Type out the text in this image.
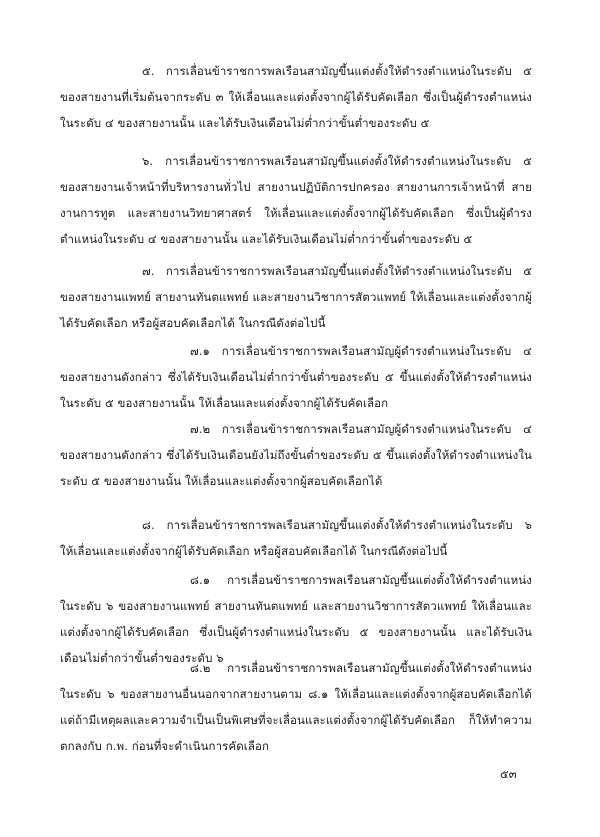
๕. การเลื่อนข้าราชการพลเรือนสามัญขึ้นแต่งตั้งให้ดำรงตำแหน่งในระดับ ๕ ของสายงานที่เริ่มต้นจากระดับ ๓ ให้เลื่อนและแต่งตั้งจากผู้ได้รับคัดเลือก ซึ่งเป็นผู้ดำรงตำแหน่งในระดับ ๔ ของสายงานนั้น และได้รับเงินเดือนไม่ต่ำกว่าขั้นต่ำของระดับ ๕

๖. การเลื่อนข้าราชการพลเรือนสามัญขึ้นแต่งตั้งให้ดำรงตำแหน่งในระดับ ๕ ของสายงานเจ้าหน้าที่บริหารงานทั่วไป สายงานปฏิบัติการปกครอง สายงานการเจ้าหน้าที่ สายงานการทูต และสายงานวิทยาศาสตร์ ให้เลื่อนและแต่งตั้งจากผู้ได้รับคัดเลือก ซึ่งเป็นผู้ดำรงตำแหน่งในระดับ ๔ ของสายงานนั้น และได้รับเงินเดือนไม่ต่ำกว่าขั้นต่ำของระดับ ๕

๗. การเลื่อนข้าราชการพลเรือนสามัญขึ้นแต่งตั้งให้ดำรงตำแหน่งในระดับ ๕ ของสายงานแพทย์ สายงานทันตแพทย์ และสายงานวิชาการสัตวแพทย์ ให้เลื่อนและแต่งตั้งจากผู้ได้รับคัดเลือก หรือผู้สอบคัดเลือกได้ ในกรณีดังต่อไปนี้

๗.๑ การเลื่อนข้าราชการพลเรือนสามัญผู้ดำรงตำแหน่งในระดับ ๔ ของสายงานดังกล่าว ซึ่งได้รับเงินเดือนไม่ต่ำกว่าขั้นต่ำของระดับ ๕ ขึ้นแต่งตั้งให้ดำรงตำแหน่งในระดับ ๕ ของสายงานนั้น ให้เลื่อนและแต่งตั้งจากผู้ได้รับคัดเลือก

๗.๒ การเลื่อนข้าราชการพลเรือนสามัญผู้ดำรงตำแหน่งในระดับ ๔ ของสายงานดังกล่าว ซึ่งได้รับเงินเดือนยังไม่ถึงขั้นต่ำของระดับ ๕ ขึ้นแต่งตั้งให้ดำรงตำแหน่งในระดับ ๕ ของสายงานนั้น ให้เลื่อนและแต่งตั้งจากผู้สอบคัดเลือกได้

๘. การเลื่อนข้าราชการพลเรือนสามัญขึ้นแต่งตั้งให้ดำรงตำแหน่งในระดับ ๖ ให้เลื่อนและแต่งตั้งจากผู้ได้รับคัดเลือก หรือผู้สอบคัดเลือกได้ ในกรณีดังต่อไปนี้

๘.๑ การเลื่อนข้าราชการพลเรือนสามัญขึ้นแต่งตั้งให้ดำรงตำแหน่งในระดับ ๖ ของสายงานแพทย์ สายงานทันตแพทย์ และสายงานวิชาการสัตวแพทย์ ให้เลื่อนและแต่งตั้งจากผู้ได้รับคัดเลือก ซึ่งเป็นผู้ดำรงตำแหน่งในระดับ ๕ ของสายงานนั้น และได้รับเงินเดือนไม่ต่ำกว่าขั้นต่ำของระดับ ๖

๘.๒ การเลื่อนข้าราชการพลเรือนสามัญขึ้นแต่งตั้งให้ดำรงตำแหน่งในระดับ ๖ ของสายงานอื่นนอกจากสายงานตาม ๘.๑ ให้เลื่อนและแต่งตั้งจากผู้สอบคัดเลือกได้ แต่ถ้ามีเหตุผลและความจำเป็นเป็นพิเศษที่จะเลื่อนและแต่งตั้งจากผู้ได้รับคัดเลือก ก็ให้ทำความตกลงกับ ก.พ. ก่อนที่จะดำเนินการคัดเลือก

๕๓
